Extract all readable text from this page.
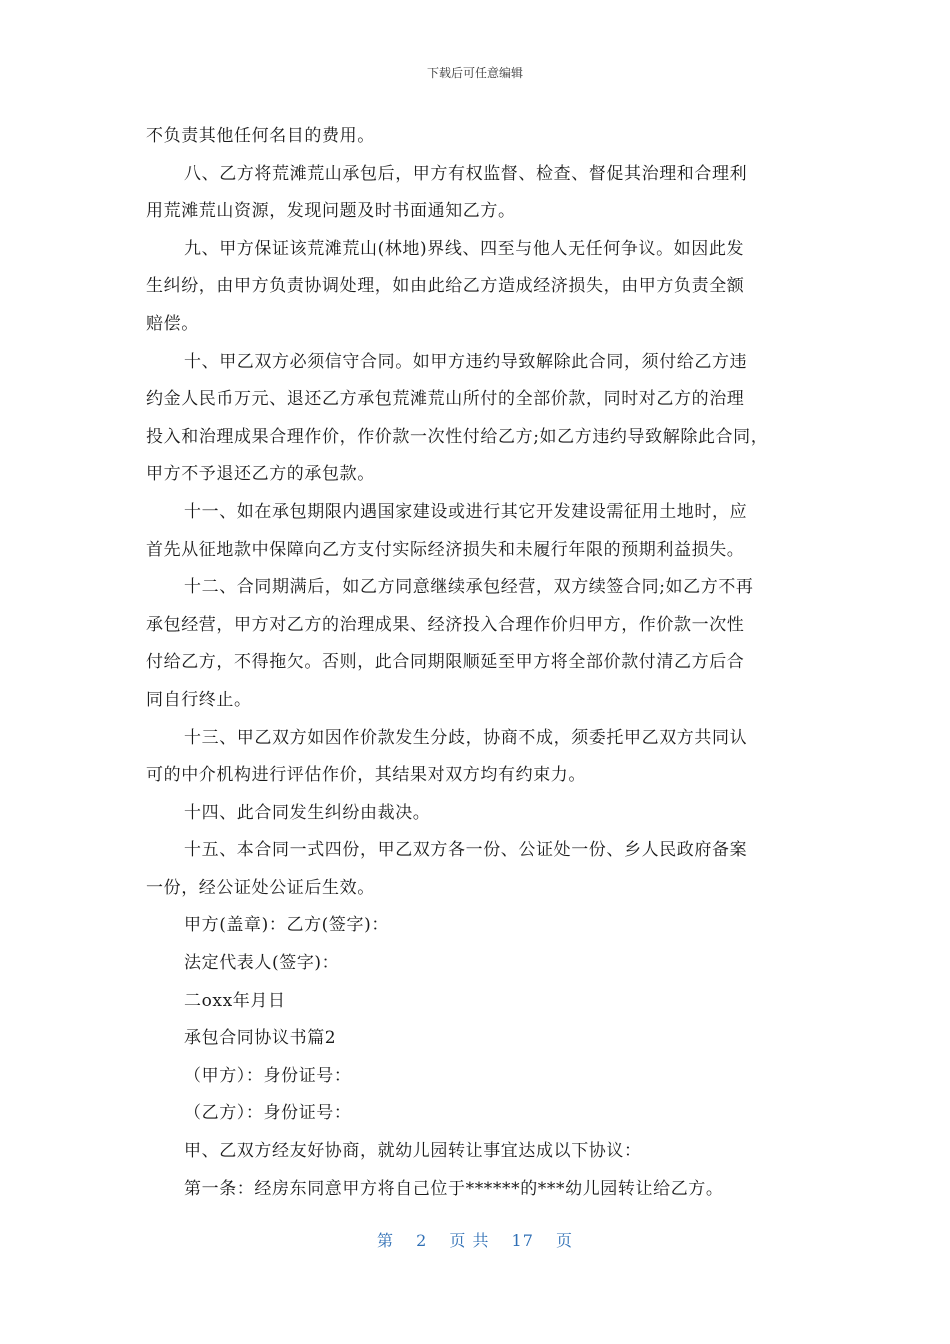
下载后可任意编辑
不负责其他任何名目的费用。
八、乙方将荒滩荒山承包后，甲方有权监督、检查、督促其治理和合理利
用荒滩荒山资源，发现问题及时书面通知乙方。
九、甲方保证该荒滩荒山(林地)界线、四至与他人无任何争议。如因此发
生纠纷，由甲方负责协调处理，如由此给乙方造成经济损失，由甲方负责全额
赔偿。
十、甲乙双方必须信守合同。如甲方违约导致解除此合同，须付给乙方违
约金人民币万元、退还乙方承包荒滩荒山所付的全部价款，同时对乙方的治理
投入和治理成果合理作价，作价款一次性付给乙方;如乙方违约导致解除此合同，
甲方不予退还乙方的承包款。
十一、如在承包期限内遇国家建设或进行其它开发建设需征用土地时，应
首先从征地款中保障向乙方支付实际经济损失和未履行年限的预期利益损失。
十二、合同期满后，如乙方同意继续承包经营，双方续签合同;如乙方不再
承包经营，甲方对乙方的治理成果、经济投入合理作价归甲方，作价款一次性
付给乙方，不得拖欠。否则，此合同期限顺延至甲方将全部价款付清乙方后合
同自行终止。
十三、甲乙双方如因作价款发生分歧，协商不成，须委托甲乙双方共同认
可的中介机构进行评估作价，其结果对双方均有约束力。
十四、此合同发生纠纷由裁决。
十五、本合同一式四份，甲乙双方各一份、公证处一份、乡人民政府备案
一份，经公证处公证后生效。
甲方(盖章)：乙方(签字)：
法定代表人(签字)：
二oxx年月日
承包合同协议书篇2
（甲方）：身份证号：
（乙方）：身份证号：
甲、乙双方经友好协商，就幼儿园转让事宜达成以下协议：
第一条：经房东同意甲方将自己位于******的***幼儿园转让给乙方。
第 2 页 共 17 页
